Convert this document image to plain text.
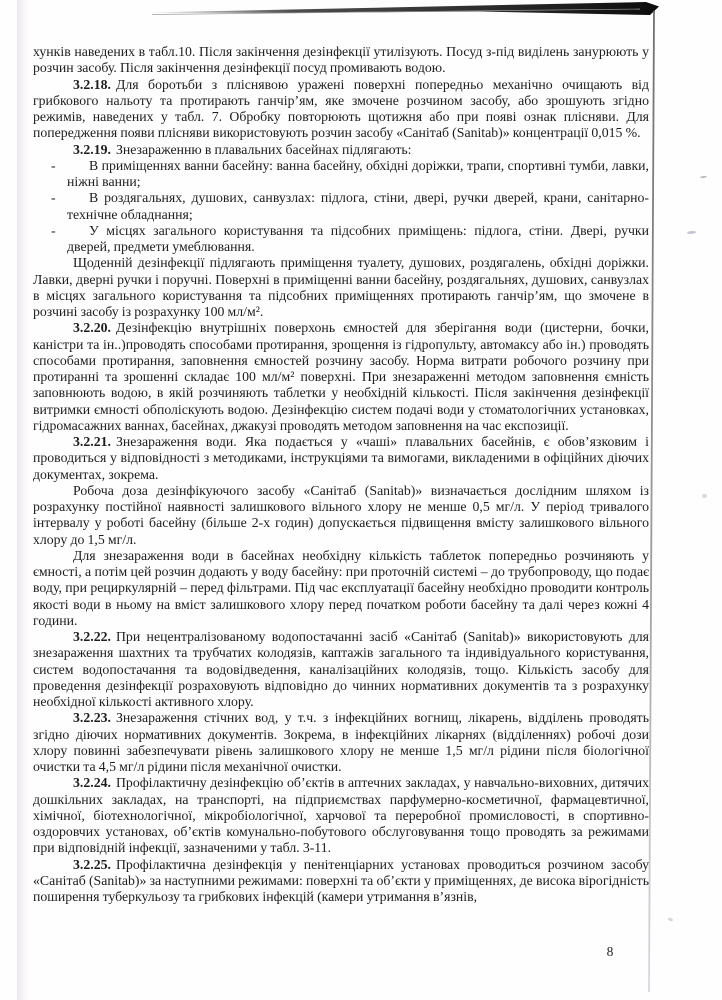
хунків наведених в табл.10. Після закінчення дезінфекції утилізують. Посуд з-під виділень занурюють у розчин засобу. Після закінчення дезінфекції посуд промивають водою.

3.2.18. Для боротьби з пліснявою уражені поверхні попередньо механічно очищають від грибкового нальоту та протирають ганчір’ям, яке змочене розчином засобу, або зрошують згідно режимів, наведених у табл. 7. Обробку повторюють щотижня або при появі ознак плісняви. Для попередження появи плісняви використовують розчин засобу «Санітаб (Sanitab)» концентрації 0,015 %.

3.2.19. Знезараженню в плавальних басейнах підлягають:

- В приміщеннях ванни басейну: ванна басейну, обхідні доріжки, трапи, спортивні тумби, лавки, ніжні ванни;
- В роздягальнях, душових, санвузлах: підлога, стіни, двері, ручки дверей, крани, санітарно-технічне обладнання;
- У місцях загального користування та підсобних приміщень: підлога, стіни. Двері, ручки дверей, предмети умеблювання.

Щоденній дезінфекції підлягають приміщення туалету, душових, роздягалень, обхідні доріжки. Лавки, дверні ручки і поручні. Поверхні в приміщенні ванни басейну, роздягальнях, душових, санвузлах в місцях загального користування та підсобних приміщеннях протирають ганчір’ям, що змочене в розчині засобу із розрахунку 100 мл/м².

3.2.20. Дезінфекцію внутрішніх поверхонь ємностей для зберігання води (цистерни, бочки, каністри та ін..)проводять способами протирання, зрощення із гідропульту, автомаксу або ін.) проводять способами протирання, заповнення ємностей розчину засобу. Норма витрати робочого розчину при протиранні та зрошенні складає 100 мл/м² поверхні. При знезараженні методом заповнення ємність заповнюють водою, в якій розчиняють таблетки у необхідній кількості. Після закінчення дезінфекції витримки ємності обполіскують водою. Дезінфекцію систем подачі води у стоматологічних установках, гідромасажних ваннах, басейнах, джакузі проводять методом заповнення на час експозиції.

3.2.21. Знезараження води. Яка подається у «чаші» плавальних басейнів, є обов’язковим і проводиться у відповідності з методиками, інструкціями та вимогами, викладеними в офіційних діючих документах, зокрема.

Робоча доза дезінфікуючого засобу «Санітаб (Sanitab)» визначається дослідним шляхом із розрахунку постійної наявності залишкового вільного хлору не менше 0,5 мг/л. У період тривалого інтервалу у роботі басейну (більше 2-х годин) допускається підвищення вмісту залишкового вільного хлору до 1,5 мг/л.

Для знезараження води в басейнах необхідну кількість таблеток попередньо розчиняють у ємності, а потім цей розчин додають у воду басейну: при проточній системі – до трубопроводу, що подає воду, при рециркулярній – перед фільтрами. Під час експлуатації басейну необхідно проводити контроль якості води в ньому на вміст залишкового хлору перед початком роботи басейну та далі через кожні 4 години.

3.2.22. При нецентралізованому водопостачанні засіб «Санітаб (Sanitab)» використовують для знезараження шахтних та трубчатих колодязів, каптажів загального та індивідуального користування, систем водопостачання та водовідведення, каналізаційних колодязів, тощо. Кількість засобу для проведення дезінфекції розраховують відповідно до чинних нормативних документів та з розрахунку необхідної кількості активного хлору.

3.2.23. Знезараження стічних вод, у т.ч. з інфекційних вогнищ, лікарень, відділень проводять згідно діючих нормативних документів. Зокрема, в інфекційних лікарнях (відділеннях) робочі дози хлору повинні забезпечувати рівень залишкового хлору не менше 1,5 мг/л рідини після біологічної очистки та 4,5 мг/л рідини після механічної очистки.

3.2.24. Профілактичну дезінфекцію об’єктів в аптечних закладах, у навчально-виховних, дитячих дошкільних закладах, на транспорті, на підприємствах парфумерно-косметичної, фармацевтичної, хімічної, біотехнологічної, мікробіологічної, харчової та переробної промисловості, в спортивно-оздоровчих установах, об’єктів комунально-побутового обслуговування тощо проводять за режимами при відповідній інфекції, зазначеними у табл. 3-11.

3.2.25. Профілактична дезінфекція у пенітенціарних установах проводиться розчином засобу «Санітаб (Sanitab)» за наступними режимами: поверхні та об’єкти у приміщеннях, де висока вірогідність поширення туберкульозу та грибкових інфекцій (камери утримання в’язнів,

8
